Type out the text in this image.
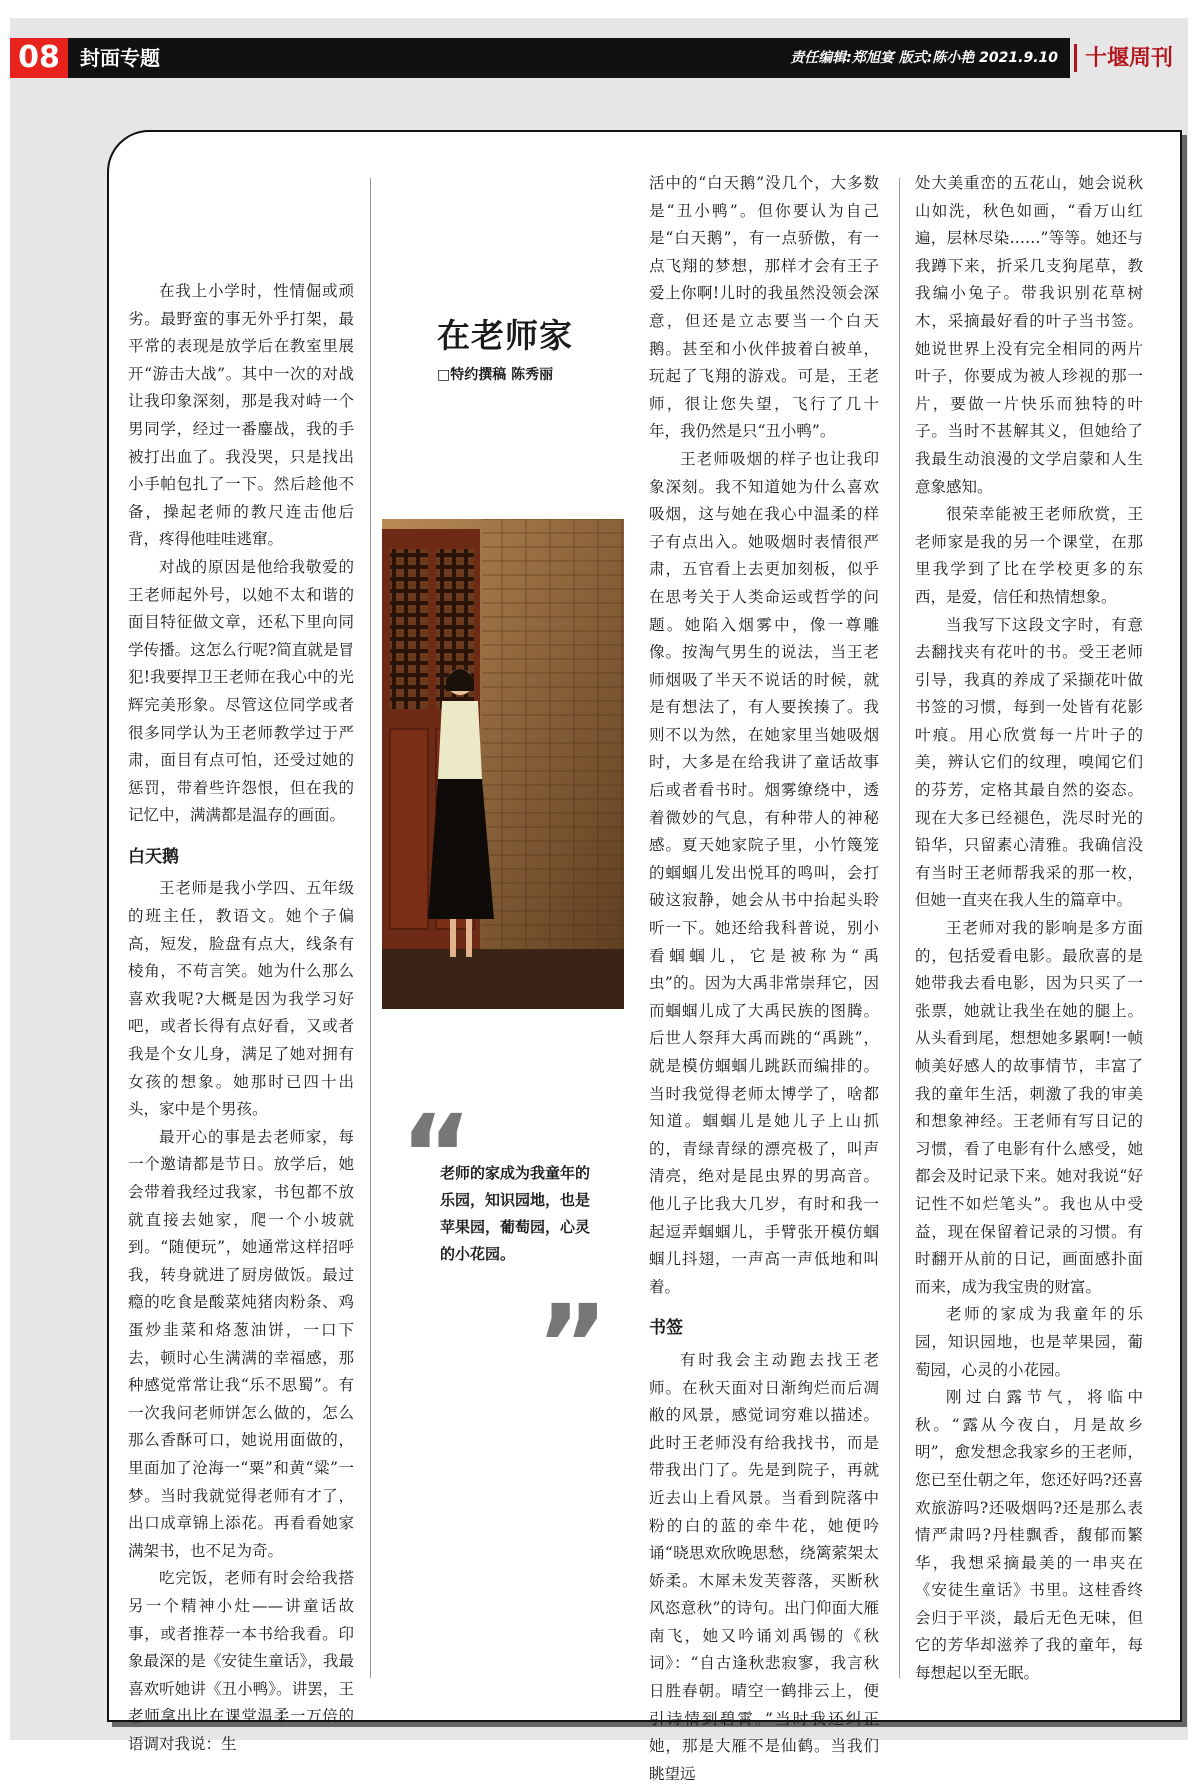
08	封面专题	责任编辑:郑旭宴 版式:陈小艳 2021.9.10	十堰周刊

在我上小学时，性情倔或顽劣。最野蛮的事无外乎打架，最平常的表现是放学后在教室里展开“游击大战”。其中一次的对战让我印象深刻，那是我对峙一个男同学，经过一番鏖战，我的手被打出血了。我没哭，只是找出小手帕包扎了一下。然后趁他不备，操起老师的教尺连击他后背，疼得他哇哇逃窜。

对战的原因是他给我敬爱的王老师起外号，以她不太和谐的面目特征做文章，还私下里向同学传播。这怎么行呢?简直就是冒犯!我要捍卫王老师在我心中的光辉完美形象。尽管这位同学或者很多同学认为王老师教学过于严肃，面目有点可怕，还受过她的惩罚，带着些许怨恨，但在我的记忆中，满满都是温存的画面。

白天鹅

王老师是我小学四、五年级的班主任，教语文。她个子偏高，短发，脸盘有点大，线条有棱角，不苟言笑。她为什么那么喜欢我呢?大概是因为我学习好吧，或者长得有点好看，又或者我是个女儿身，满足了她对拥有女孩的想象。她那时已四十出头，家中是个男孩。

最开心的事是去老师家，每一个邀请都是节日。放学后，她会带着我经过我家，书包都不放就直接去她家，爬一个小坡就到。“随便玩”，她通常这样招呼我，转身就进了厨房做饭。最过瘾的吃食是酸菜炖猪肉粉条、鸡蛋炒韭菜和烙葱油饼，一口下去，顿时心生满满的幸福感，那种感觉常常让我“乐不思蜀”。有一次我问老师饼怎么做的，怎么那么香酥可口，她说用面做的，里面加了沧海一“粟”和黄“粱”一梦。当时我就觉得老师有才了，出口成章锦上添花。再看看她家满架书，也不足为奇。

吃完饭，老师有时会给我搭另一个精神小灶——讲童话故事，或者推荐一本书给我看。印象最深的是《安徒生童话》，我最喜欢听她讲《丑小鸭》。讲罢，王老师拿出比在课堂温柔一万倍的语调对我说：生

在老师家
□特约撰稿 陈秀丽
“
老师的家成为我童年的乐园，知识园地，也是苹果园，葡萄园，心灵的小花园。
”

活中的“白天鹅”没几个，大多数是“丑小鸭”。但你要认为自己是“白天鹅”，有一点骄傲，有一点飞翔的梦想，那样才会有王子爱上你啊!儿时的我虽然没领会深意，但还是立志要当一个白天鹅。甚至和小伙伴披着白被单，玩起了飞翔的游戏。可是，王老师，很让您失望，飞行了几十年，我仍然是只“丑小鸭”。

王老师吸烟的样子也让我印象深刻。我不知道她为什么喜欢吸烟，这与她在我心中温柔的样子有点出入。她吸烟时表情很严肃，五官看上去更加刻板，似乎在思考关于人类命运或哲学的问题。她陷入烟雾中，像一尊雕像。按淘气男生的说法，当王老师烟吸了半天不说话的时候，就是有想法了，有人要挨揍了。我则不以为然，在她家里当她吸烟时，大多是在给我讲了童话故事后或者看书时。烟雾缭绕中，透着微妙的气息，有种带人的神秘感。夏天她家院子里，小竹篾笼的蝈蝈儿发出悦耳的鸣叫，会打破这寂静，她会从书中抬起头聆听一下。她还给我科普说，别小看蝈蝈儿，它是被称为“禹虫”的。因为大禹非常崇拜它，因而蝈蝈儿成了大禹民族的图腾。后世人祭拜大禹而跳的“禹跳”，就是模仿蝈蝈儿跳跃而编排的。当时我觉得老师太博学了，啥都知道。蝈蝈儿是她儿子上山抓的，青绿青绿的漂亮极了，叫声清亮，绝对是昆虫界的男高音。他儿子比我大几岁，有时和我一起逗弄蝈蝈儿，手臂张开模仿蝈蝈儿抖翅，一声高一声低地和叫着。

书签

有时我会主动跑去找王老师。在秋天面对日渐绚烂而后凋敝的风景，感觉词穷难以描述。此时王老师没有给我找书，而是带我出门了。先是到院子，再就近去山上看风景。当看到院落中粉的白的蓝的牵牛花，她便吟诵“晓思欢欣晚思愁，绕篱萦架太娇柔。木犀未发芙蓉落，买断秋风恣意秋”的诗句。出门仰面大雁南飞，她又吟诵刘禹锡的《秋词》：“自古逢秋悲寂寥，我言秋日胜春朝。晴空一鹤排云上，便引诗情到碧霄。”当时我还纠正她，那是大雁不是仙鹤。当我们眺望远

处大美重峦的五花山，她会说秋山如洗，秋色如画，“看万山红遍，层林尽染……”等等。她还与我蹲下来，折采几支狗尾草，教我编小兔子。带我识别花草树木，采摘最好看的叶子当书签。她说世界上没有完全相同的两片叶子，你要成为被人珍视的那一片，要做一片快乐而独特的叶子。当时不甚解其义，但她给了我最生动浪漫的文学启蒙和人生意象感知。

很荣幸能被王老师欣赏，王老师家是我的另一个课堂，在那里我学到了比在学校更多的东西，是爱，信任和热情想象。

当我写下这段文字时，有意去翻找夹有花叶的书。受王老师引导，我真的养成了采撷花叶做书签的习惯，每到一处皆有花影叶痕。用心欣赏每一片叶子的美，辨认它们的纹理，嗅闻它们的芬芳，定格其最自然的姿态。现在大多已经褪色，洗尽时光的铅华，只留素心清雅。我确信没有当时王老师帮我采的那一枚，但她一直夹在我人生的篇章中。

王老师对我的影响是多方面的，包括爱看电影。最欣喜的是她带我去看电影，因为只买了一张票，她就让我坐在她的腿上。从头看到尾，想想她多累啊!一帧帧美好感人的故事情节，丰富了我的童年生活，刺激了我的审美和想象神经。王老师有写日记的习惯，看了电影有什么感受，她都会及时记录下来。她对我说“好记性不如烂笔头”。我也从中受益，现在保留着记录的习惯。有时翻开从前的日记，画面感扑面而来，成为我宝贵的财富。

老师的家成为我童年的乐园，知识园地，也是苹果园，葡萄园，心灵的小花园。

刚过白露节气，将临中秋。“露从今夜白，月是故乡明”，愈发想念我家乡的王老师，您已至仕朝之年，您还好吗?还喜欢旅游吗?还吸烟吗?还是那么表情严肃吗?丹桂飘香，馥郁而繁华，我想采摘最美的一串夹在《安徒生童话》书里。这桂香终会归于平淡，最后无色无味，但它的芳华却滋养了我的童年，每每想起以至无眠。
